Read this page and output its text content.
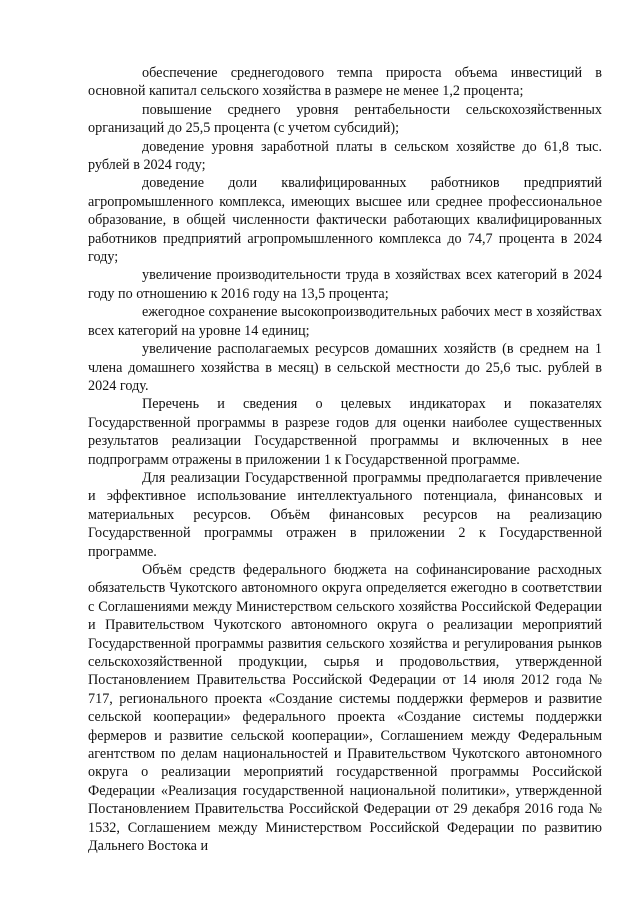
обеспечение среднегодового темпа прироста объема инвестиций в основной капитал сельского хозяйства в размере не менее 1,2 процента;

повышение среднего уровня рентабельности сельскохозяйственных организаций до 25,5 процента (с учетом субсидий);

доведение уровня заработной платы в сельском хозяйстве до 61,8 тыс. рублей в 2024 году;

доведение доли квалифицированных работников предприятий агропромышленного комплекса, имеющих высшее или среднее профессиональное образование, в общей численности фактически работающих квалифицированных работников предприятий агропромышленного комплекса до 74,7 процента в 2024 году;

увеличение производительности труда в хозяйствах всех категорий в 2024 году по отношению к 2016 году на 13,5 процента;

ежегодное сохранение высокопроизводительных рабочих мест в хозяйствах всех категорий на уровне 14 единиц;

увеличение располагаемых ресурсов домашних хозяйств (в среднем на 1 члена домашнего хозяйства в месяц) в сельской местности до 25,6 тыс. рублей в 2024 году.

Перечень и сведения о целевых индикаторах и показателях Государственной программы в разрезе годов для оценки наиболее существенных результатов реализации Государственной программы и включенных в нее подпрограмм отражены в приложении 1 к Государственной программе.

Для реализации Государственной программы предполагается привлечение и эффективное использование интеллектуального потенциала, финансовых и материальных ресурсов. Объём финансовых ресурсов на реализацию Государственной программы отражен в приложении 2 к Государственной программе.

Объём средств федерального бюджета на софинансирование расходных обязательств Чукотского автономного округа определяется ежегодно в соответствии с Соглашениями между Министерством сельского хозяйства Российской Федерации и Правительством Чукотского автономного округа о реализации мероприятий Государственной программы развития сельского хозяйства и регулирования рынков сельскохозяйственной продукции, сырья и продовольствия, утвержденной Постановлением Правительства Российской Федерации от 14 июля 2012 года № 717, регионального проекта «Создание системы поддержки фермеров и развитие сельской кооперации» федерального проекта «Создание системы поддержки фермеров и развитие сельской кооперации», Соглашением между Федеральным агентством по делам национальностей и Правительством Чукотского автономного округа о реализации мероприятий государственной программы Российской Федерации «Реализация государственной национальной политики», утвержденной Постановлением Правительства Российской Федерации от 29 декабря 2016 года № 1532, Соглашением между Министерством Российской Федерации по развитию Дальнего Востока и
